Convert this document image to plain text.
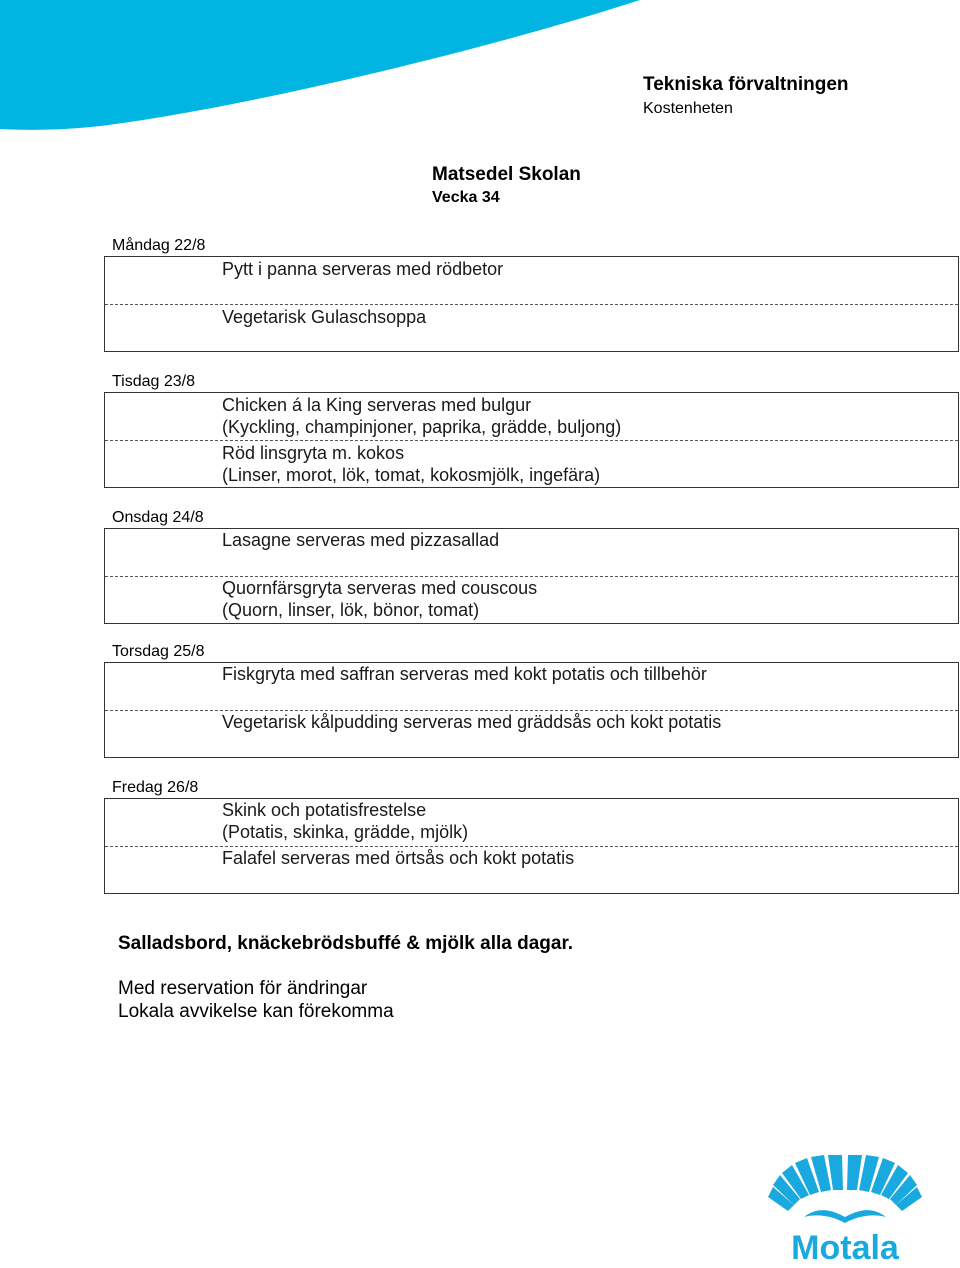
Tekniska förvaltningen
Kostenheten
Matsedel Skolan
Vecka 34
Måndag 22/8
Pytt i panna serveras med rödbetor
Vegetarisk Gulaschsoppa
Tisdag 23/8
Chicken á la King serveras med bulgur
(Kyckling, champinjoner, paprika, grädde, buljong)
Röd linsgryta m. kokos
(Linser, morot, lök, tomat, kokosmjölk, ingefära)
Onsdag 24/8
Lasagne serveras med pizzasallad
Quornfärsgryta serveras med couscous
(Quorn, linser, lök, bönor, tomat)
Torsdag 25/8
Fiskgryta med saffran serveras med kokt potatis och tillbehör
Vegetarisk kålpudding serveras med gräddsås och kokt potatis
Fredag 26/8
Skink och potatisfrestelse
(Potatis, skinka, grädde, mjölk)
Falafel serveras med örtsås och kokt potatis
Salladsbord, knäckebrödsbuffé & mjölk alla dagar.
Med reservation för ändringar
Lokala avvikelse kan förekomma
Motala
